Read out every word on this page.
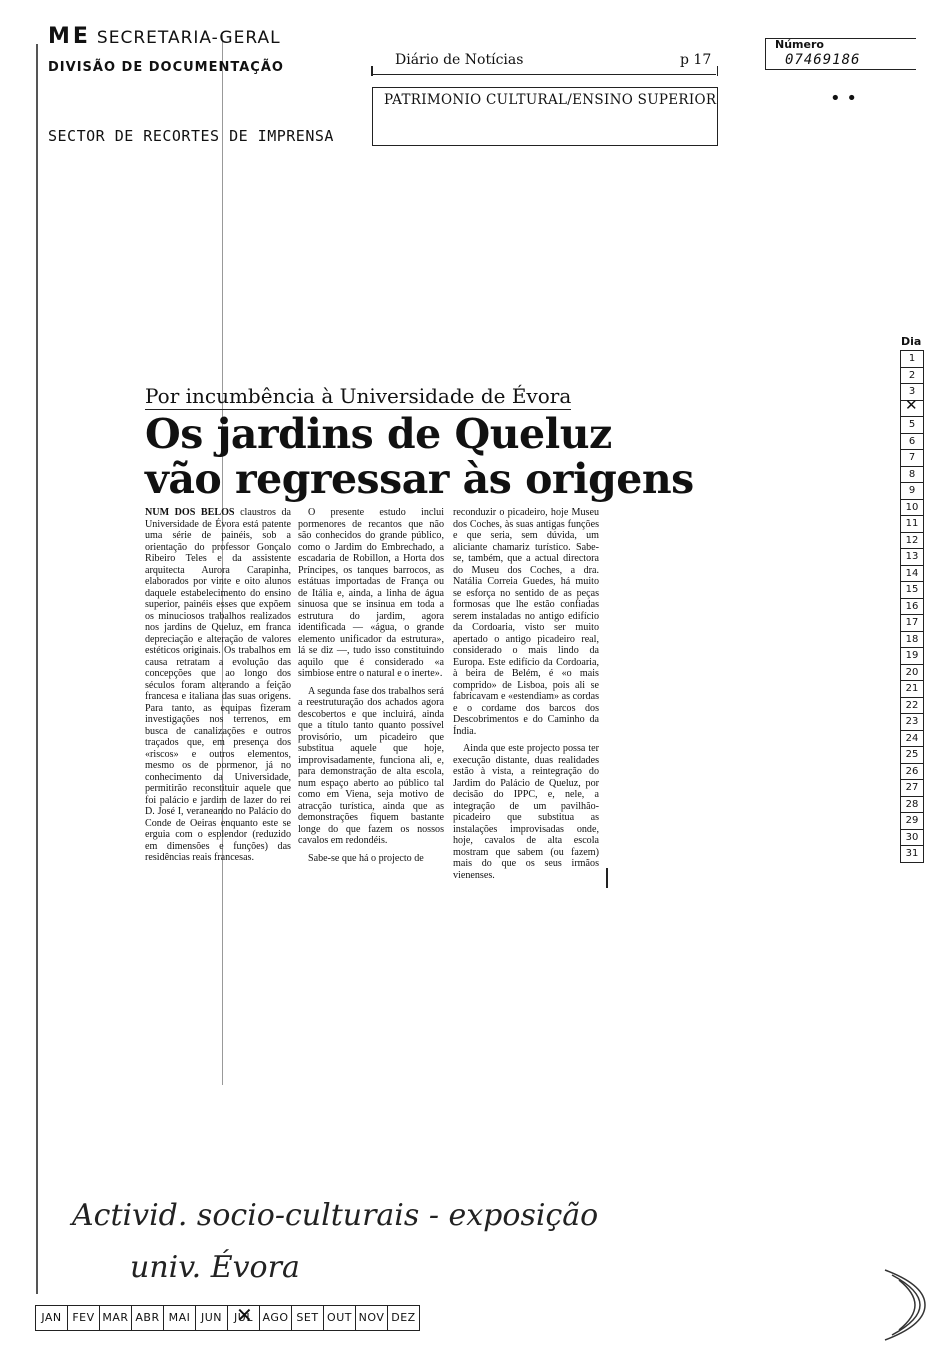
ME SECRETARIA-GERAL
DIVISÃO DE DOCUMENTAÇÃO
SECTOR DE RECORTES DE IMPRENSA
Diário de Notícias	p 17
PATRIMONIO CULTURAL/ENSINO SUPERIOR
Número
07469186
• •
Dia
1
2
3
✕
5
6
7
8
9
10
11
12
13
14
15
16
17
18
19
20
21
22
23
24
25
26
27
28
29
30
31
Por incumbência à Universidade de Évora
Os jardins de Queluz
vão regressar às origens

NUM DOS BELOS claustros da Universidade de Évora está patente uma série de painéis, sob a orientação do professor Gonçalo Ribeiro Teles e da assistente arquitecta Aurora Carapinha, elaborados por vinte e oito alunos daquele estabelecimento do ensino superior, painéis esses que expõem os minuciosos trabalhos realizados nos jardins de Queluz, em franca depreciação e alteração de valores estéticos originais. Os trabalhos em causa retratam a evolução das concepções que ao longo dos séculos foram alterando a feição francesa e italiana das suas origens. Para tanto, as equipas fizeram investigações nos terrenos, em busca de canalizações e outros traçados que, em presença dos «riscos» e outros elementos, mesmo os de pormenor, já no conhecimento da Universidade, permitirão reconstituir aquele que foi palácio e jardim de lazer do rei D. José I, veraneando no Palácio do Conde de Oeiras enquanto este se erguia com o esplendor (reduzido em dimensões e funções) das residências reais francesas.

O presente estudo inclui pormenores de recantos que não são conhecidos do grande público, como o Jardim do Embrechado, a escadaria de Robillon, a Horta dos Príncipes, os tanques barrocos, as estátuas importadas de França ou de Itália e, ainda, a linha de água sinuosa que se insinua em toda a estrutura do jardim, agora identificada — «água, o grande elemento unificador da estrutura», lá se diz —, tudo isso constituindo aquilo que é considerado «a simbiose entre o natural e o inerte».

A segunda fase dos trabalhos será a reestruturação dos achados agora descobertos e que incluirá, ainda que a título tanto quanto possível provisório, um picadeiro que substitua aquele que hoje, improvisadamente, funciona ali, e, para demonstração de alta escola, num espaço aberto ao público tal como em Viena, seja motivo de atracção turística, ainda que as demonstrações fiquem bastante longe do que fazem os nossos cavalos em redondéis.

Sabe-se que há o projecto de

reconduzir o picadeiro, hoje Museu dos Coches, às suas antigas funções e que seria, sem dúvida, um aliciante chamariz turístico. Sabe-se, também, que a actual directora do Museu dos Coches, a dra. Natália Correia Guedes, há muito se esforça no sentido de as peças formosas que lhe estão confiadas serem instaladas no antigo edifício da Cordoaria, visto ser muito apertado o antigo picadeiro real, considerado o mais lindo da Europa. Este edifício da Cordoaria, à beira de Belém, é «o mais comprido» de Lisboa, pois ali se fabricavam e «estendiam» as cordas e o cordame dos barcos dos Descobrimentos e do Caminho da Índia.

Ainda que este projecto possa ter execução distante, duas realidades estão à vista, a reintegração do Jardim do Palácio de Queluz, por decisão do IPPC, e, nele, a integração de um pavilhão-picadeiro que substitua as instalações improvisadas onde, hoje, cavalos de alta escola mostram que sabem (ou fazem) mais do que os seus irmãos vienenses.

Activid. socio-culturais - exposição
univ. Évora
JAN FEV MAR ABR MAI JUN	JUL ✕ AGO SET OUT NOV DEZ
